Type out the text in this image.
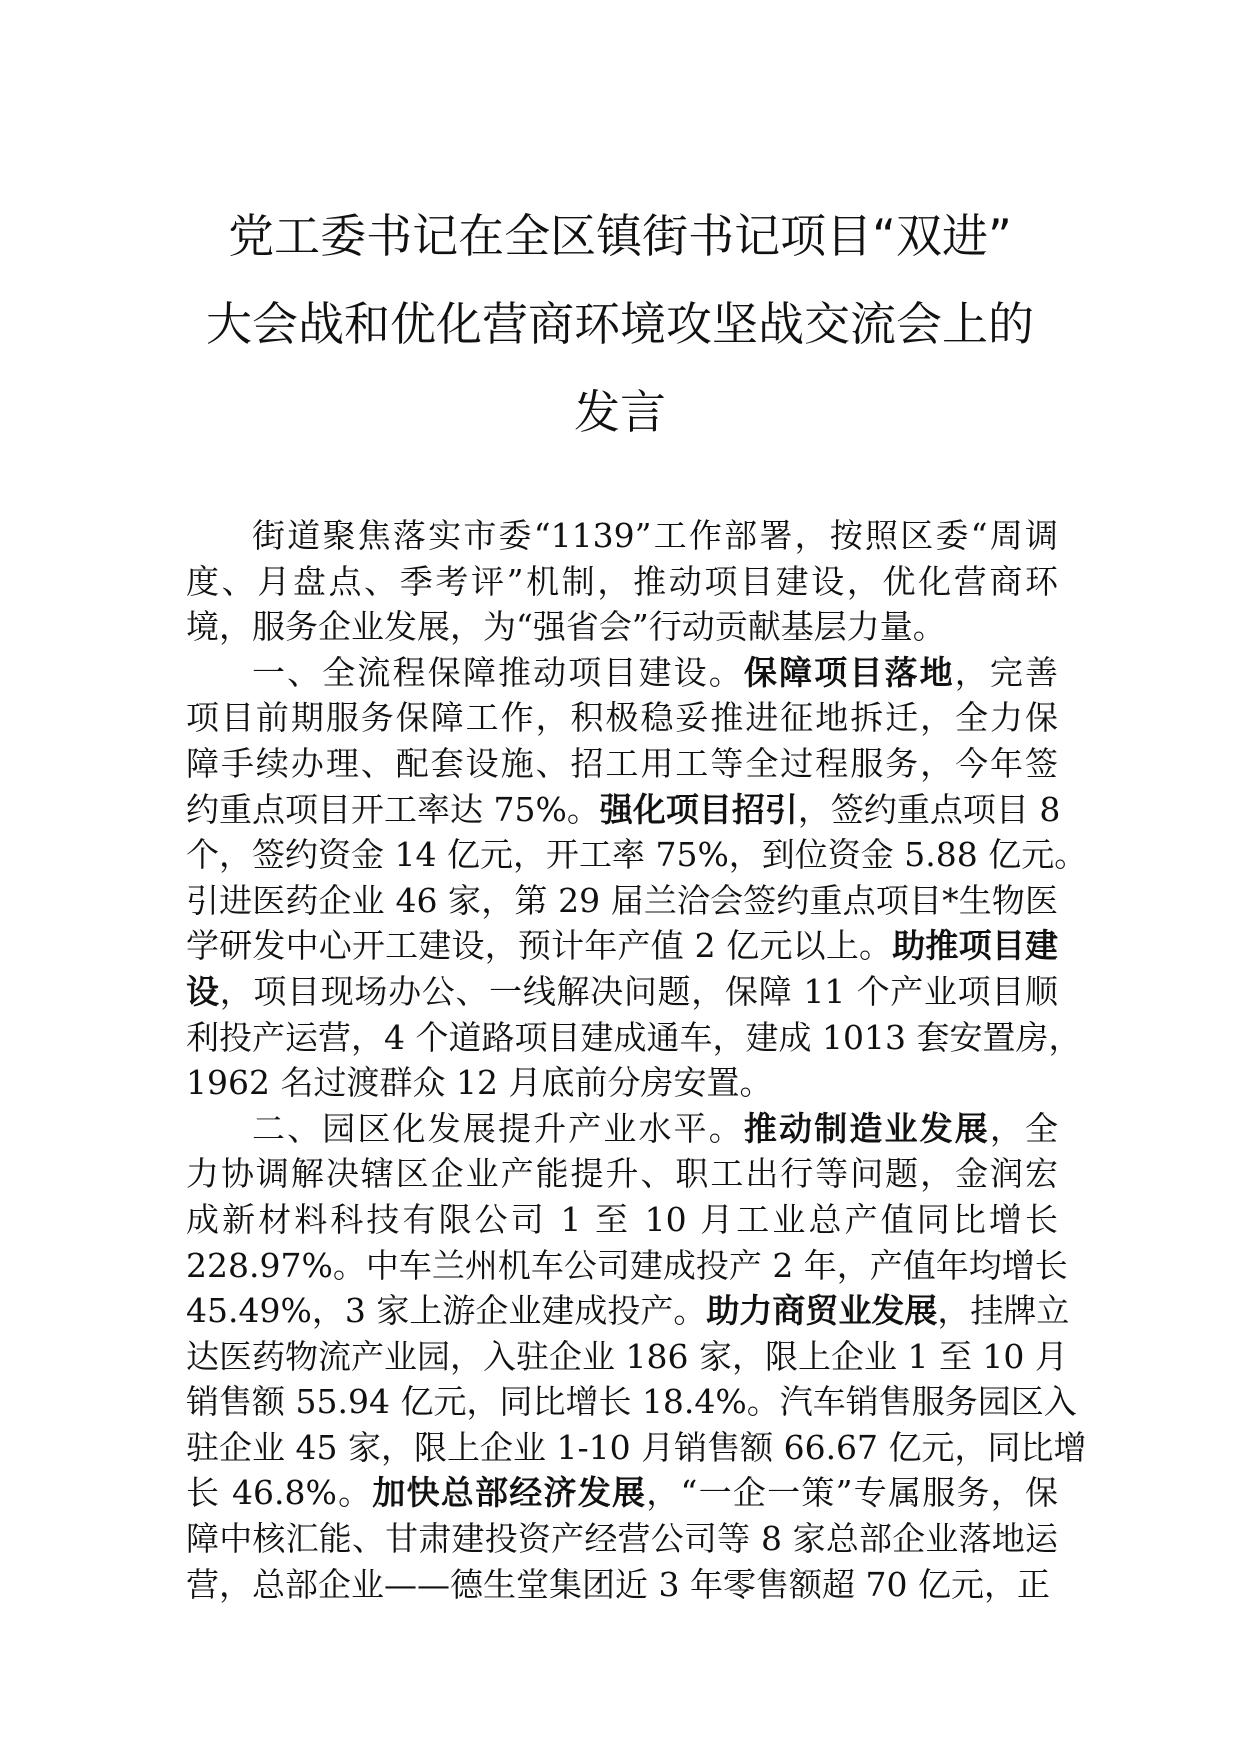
党工委书记在全区镇街书记项目“双进”
大会战和优化营商环境攻坚战交流会上的
发言
街道聚焦落实市委“1139”工作部署，按照区委“周调
度、月盘点、季考评”机制，推动项目建设，优化营商环
境，服务企业发展，为“强省会”行动贡献基层力量。
一、全流程保障推动项目建设。保障项目落地，完善
项目前期服务保障工作，积极稳妥推进征地拆迁，全力保
障手续办理、配套设施、招工用工等全过程服务，今年签
约重点项目开工率达 75%。强化项目招引，签约重点项目 8
个，签约资金 14 亿元，开工率 75%，到位资金 5.88 亿元。
引进医药企业 46 家，第 29 届兰洽会签约重点项目*生物医
学研发中心开工建设，预计年产值 2 亿元以上。助推项目建
设，项目现场办公、一线解决问题，保障 11 个产业项目顺
利投产运营，4 个道路项目建成通车，建成 1013 套安置房，
1962 名过渡群众 12 月底前分房安置。
二、园区化发展提升产业水平。推动制造业发展，全
力协调解决辖区企业产能提升、职工出行等问题，金润宏
成新材料科技有限公司 1 至 10 月工业总产值同比增长
228.97%。中车兰州机车公司建成投产 2 年，产值年均增长
45.49%，3 家上游企业建成投产。助力商贸业发展，挂牌立
达医药物流产业园，入驻企业 186 家，限上企业 1 至 10 月
销售额 55.94 亿元，同比增长 18.4%。汽车销售服务园区入
驻企业 45 家，限上企业 1-10 月销售额 66.67 亿元，同比增
长 46.8%。加快总部经济发展，“一企一策”专属服务，保
障中核汇能、甘肃建投资产经营公司等 8 家总部企业落地运
营，总部企业——德生堂集团近 3 年零售额超 70 亿元，正
